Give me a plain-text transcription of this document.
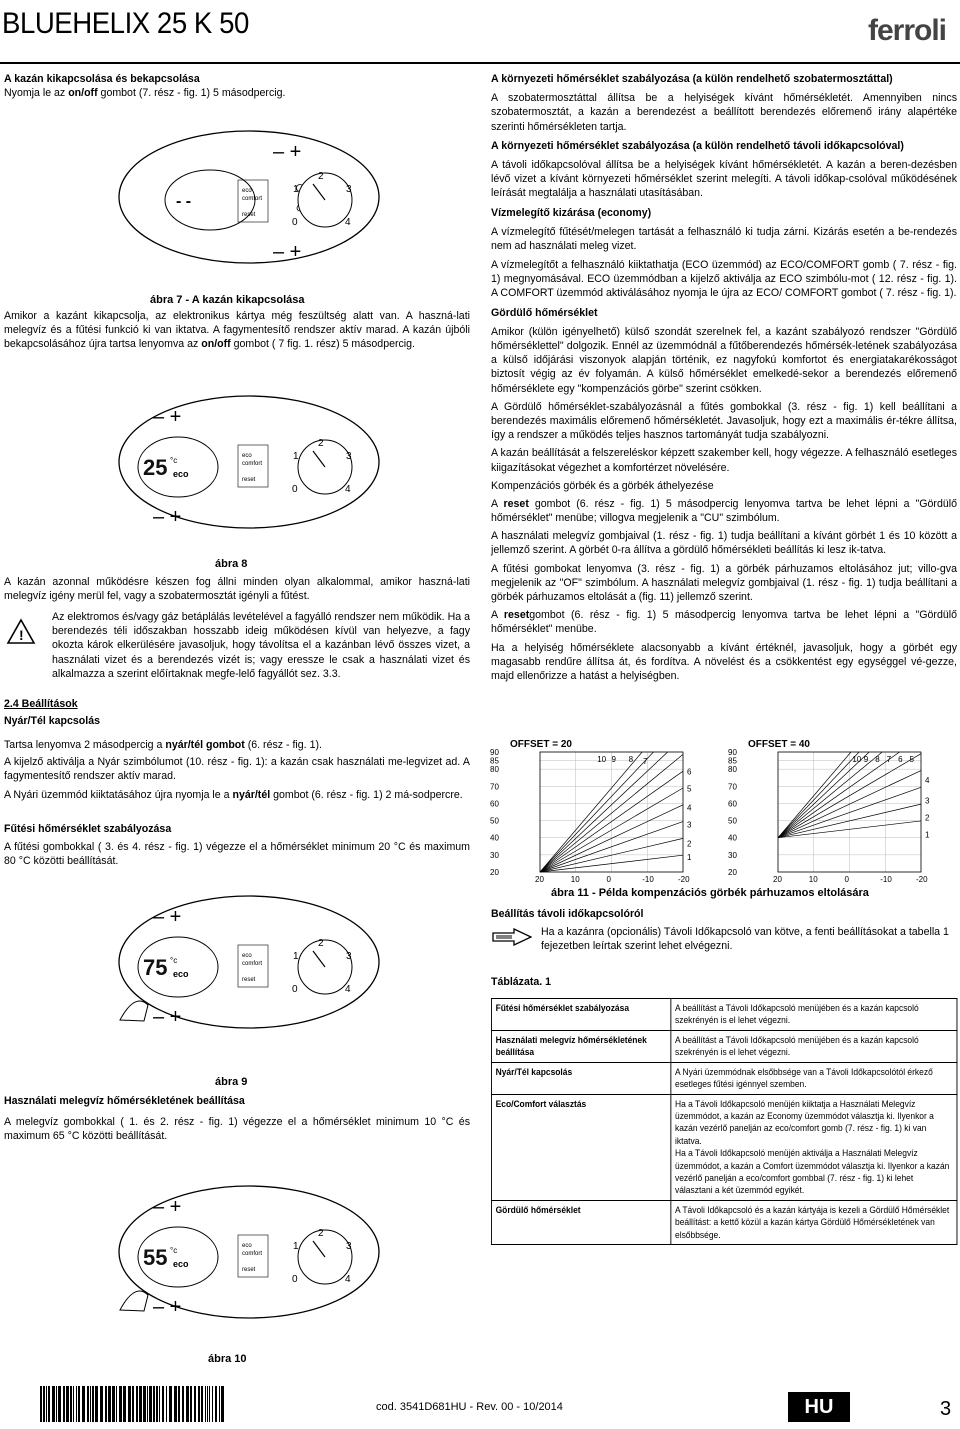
BLUEHELIX 25 K 50	ferroli

A kazán kikapcsolása és bekapcsolása

Nyomja le az on/off gombot (7. rész - fig. 1) 5 másodpercig.

– +
– +
- -
eco
comfort
reset
0
1
2
3
4
ábra 7 - A kazán kikapcsolása

Amikor a kazánt kikapcsolja, az elektronikus kártya még feszültség alatt van. A haszná-lati melegvíz és a fűtési funkció ki van iktatva. A fagymentesítő rendszer aktív marad. A kazán újbóli bekapcsolásához újra tartsa lenyomva az on/off gombot ( 7 fig. 1. rész) 5 másodpercig.

– +
– +
25 °c
eco
eco
comfort
reset
0
1
2
3
4
ábra 8

A kazán azonnal működésre készen fog állni minden olyan alkalommal, amikor haszná-lati melegvíz igény merül fel, vagy a szobatermosztát igényli a fűtést.

!

Az elektromos és/vagy gáz betáplálás levételével a fagyálló rendszer nem működik. Ha a berendezés téli időszakban hosszabb ideig működésen kívül van helyezve, a fagy okozta károk elkerülésére javasoljuk, hogy távolítsa el a kazánban lévő összes vizet, a használati vizet és a berendezés vizét is; vagy eressze le csak a használati vizet és alkalmazza a szerint előírtaknak megfe-lelő fagyállót sez. 3.3.

2.4 Beállítások

Nyár/Tél kapcsolás

Tartsa lenyomva 2 másodpercig a nyár/tél gombot (6. rész - fig. 1).

A kijelző aktiválja a Nyár szimbólumot (10. rész - fig. 1): a kazán csak használati me-legvizet ad. A fagymentesítő rendszer aktív marad.

A Nyári üzemmód kiiktatásához újra nyomja le a nyár/tél gombot (6. rész - fig. 1) 2 má-sodpercre.

Fűtési hőmérséklet szabályozása

A fűtési gombokkal ( 3. és 4. rész - fig. 1) végezze el a hőmérséklet minimum 20 °C és maximum 80 °C közötti beállítását.

– +
– +
75 °c
eco
eco
comfort
reset
0
1
2
3
4
ábra 9

Használati melegvíz hőmérsékletének beállítása

A melegvíz gombokkal ( 1. és 2. rész - fig. 1) végezze el a hőmérséklet minimum 10 °C és maximum 65 °C közötti beállítását.

– +
– +
55 °c
eco
eco
comfort
reset
0
1
2
3
4
ábra 10

A környezeti hőmérséklet szabályozása (a külön rendelhető szobatermosztáttal)

A szobatermosztáttal állítsa be a helyiségek kívánt hőmérsékletét. Amennyiben nincs szobatermosztát, a kazán a berendezést a beállított berendezés előremenő irány alapértéke szerinti hőmérsékleten tartja.

A környezeti hőmérséklet szabályozása (a külön rendelhető távoli időkapcsolóval)

A távoli időkapcsolóval állítsa be a helyiségek kívánt hőmérsékletét. A kazán a beren-dezésben lévő vizet a kívánt környezeti hőmérséklet szerint melegíti. A távoli időkap-csolóval működésének leírását megtalálja a használati utasításában.

Vízmelegítő kizárása (economy)

A vízmelegítő fűtését/melegen tartását a felhasználó ki tudja zárni. Kizárás esetén a be-rendezés nem ad használati meleg vizet.

A vízmelegítőt a felhasználó kiiktathatja (ECO üzemmód) az ECO/COMFORT gomb ( 7. rész - fig. 1) megnyomásával. ECO üzemmódban a kijelző aktiválja az ECO szimbólu-mot ( 12. rész - fig. 1). A COMFORT üzemmód aktiválásához nyomja le újra az ECO/ COMFORT gombot ( 7. rész - fig. 1).

Gördülő hőmérséklet

Amikor (külön igényelhető) külső szondát szerelnek fel, a kazánt szabályozó rendszer "Gördülő hőmérséklettel" dolgozik. Ennél az üzemmódnál a fűtőberendezés hőmérsék-letének szabályozása a külső időjárási viszonyok alapján történik, ez nagyfokú komfortot és energiatakarékosságot biztosít végig az év folyamán. A külső hőmérséklet emelkedé-sekor a berendezés előremenő hőmérséklete egy "kompenzációs görbe" szerint csökken.

A Gördülő hőmérséklet-szabályozásnál a fűtés gombokkal (3. rész - fig. 1) kell beállítani a berendezés maximális előremenő hőmérsékletét. Javasoljuk, hogy ezt a maximális ér-tékre állítsa, így a rendszer a működés teljes hasznos tartományát tudja szabályozni.

A kazán beállítását a felszereléskor képzett szakember kell, hogy végezze. A felhasználó esetleges kiigazításokat végezhet a komfortérzet növelésére.

Kompenzációs görbék és a görbék áthelyezése

A reset gombot (6. rész - fig. 1) 5 másodpercig lenyomva tartva be lehet lépni a "Gördülő hőmérséklet" menübe; villogva megjelenik a "CU" szimbólum.

A használati melegvíz gombjaival (1. rész - fig. 1) tudja beállítani a kívánt görbét 1 és 10 között a jellemző szerint. A görbét 0-ra állítva a gördülő hőmérsékleti beállítás ki lesz ik-tatva.

A fűtési gombokat lenyomva (3. rész - fig. 1) a görbék párhuzamos eltolásához jut; villo-gva megjelenik az "OF" szimbólum. A használati melegvíz gombjaival (1. rész - fig. 1) tudja beállítani a görbék párhuzamos eltolását a (fig. 11) jellemző szerint.

A resetgombot (6. rész - fig. 1) 5 másodpercig lenyomva tartva be lehet lépni a "Gördülő hőmérséklet" menübe.

Ha a helyiség hőmérséklete alacsonyabb a kívánt értéknél, javasoljuk, hogy a görbét egy magasabb rendűre állítsa át, és fordítva. A növelést és a csökkentést egy egységgel vé-gezze, majd ellenőrizze a hatást a helyiségben.

OFFSET = 20
90
85
80
70
60
50
40
30
20
20	10	0	-10	-20
10 9 8 7
6
5
4
3
2
1
OFFSET = 40
90
85
80
70
60
50
40
30
20
20	10	0	-10	-20
10 9 8 7 6 5
4
3
2
1
ábra 11 - Példa kompenzációs görbék párhuzamos eltolására

Beállítás távoli időkapcsolóról

Ha a kazánra (opcionális) Távoli Időkapcsoló van kötve, a fenti beállításokat a tabella 1 fejezetben leírtak szerint lehet elvégezni.

Táblázata. 1

Fűtési hőmérséklet szabályozása	A beállítást a Távoli Időkapcsoló menüjében és a kazán kapcsoló szekrényén is el lehet végezni.
Használati melegvíz hőmérsékletének beállítása	A beállítást a Távoli Időkapcsoló menüjében és a kazán kapcsoló szekrényén is el lehet végezni.
Nyár/Tél kapcsolás	A Nyári üzemmódnak elsőbbsége van a Távoli Időkapcsolótól érkező esetleges fűtési igénnyel szemben.
Eco/Comfort választás	Ha a Távoli Időkapcsoló menüjén kiiktatja a Használati Melegvíz üzemmódot, a kazán az Economy üzemmódot választja ki. Ilyenkor a kazán vezérlő panelján az eco/comfort gomb (7. rész - fig. 1) ki van iktatva.
Ha a Távoli Időkapcsoló menüjén aktiválja a Használati Melegvíz üzemmódot, a kazán a Comfort üzemmódot választja ki. Ilyenkor a kazán vezérlő panelján a eco/comfort gombbal (7. rész - fig. 1) ki lehet választani a két üzemmód egyikét.
Gördülő hőmérséklet	A Távoli Időkapcsoló és a kazán kártyája is kezeli a Gördülő Hőmérséklet beállítást: a kettő közül a kazán kártya Gördülő Hőmérsékletének van elsőbbsége.
cod. 3541D681HU - Rev. 00 - 10/2014	HU	3
